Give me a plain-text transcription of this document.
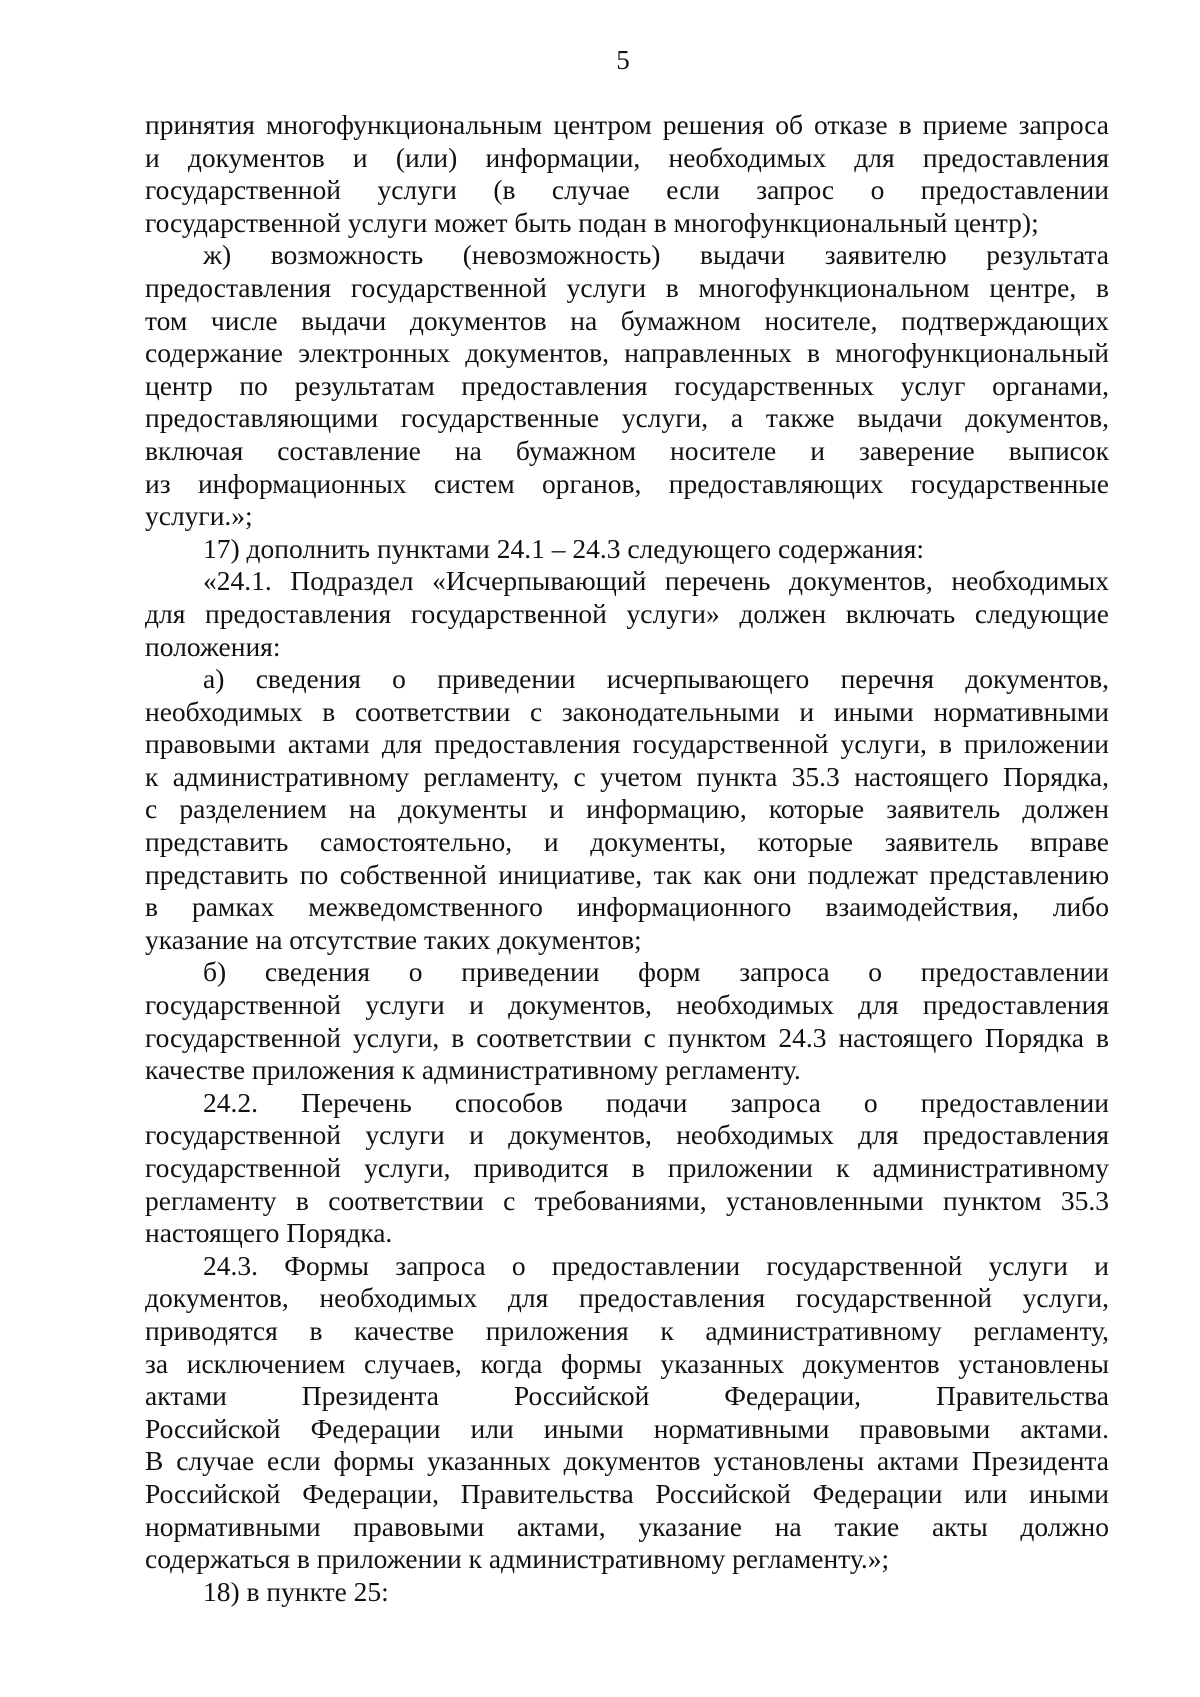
5
принятия многофункциональным центром решения об отказе в приеме запроса
и документов и (или) информации, необходимых для предоставления
государственной услуги (в случае если запрос о предоставлении
государственной услуги может быть подан в многофункциональный центр);
ж) возможность (невозможность) выдачи заявителю результата
предоставления государственной услуги в многофункциональном центре, в
том числе выдачи документов на бумажном носителе, подтверждающих
содержание электронных документов, направленных в многофункциональный
центр по результатам предоставления государственных услуг органами,
предоставляющими государственные услуги, а также выдачи документов,
включая составление на бумажном носителе и заверение выписок
из информационных систем органов, предоставляющих государственные
услуги.»;
17) дополнить пунктами 24.1 – 24.3 следующего содержания:
«24.1. Подраздел «Исчерпывающий перечень документов, необходимых
для предоставления государственной услуги» должен включать следующие
положения:
а) сведения о приведении исчерпывающего перечня документов,
необходимых в соответствии с законодательными и иными нормативными
правовыми актами для предоставления государственной услуги, в приложении
к административному регламенту, с учетом пункта 35.3 настоящего Порядка,
с разделением на документы и информацию, которые заявитель должен
представить самостоятельно, и документы, которые заявитель вправе
представить по собственной инициативе, так как они подлежат представлению
в рамках межведомственного информационного взаимодействия, либо
указание на отсутствие таких документов;
б) сведения о приведении форм запроса о предоставлении
государственной услуги и документов, необходимых для предоставления
государственной услуги, в соответствии с пунктом 24.3 настоящего Порядка в
качестве приложения к административному регламенту.
24.2. Перечень способов подачи запроса о предоставлении
государственной услуги и документов, необходимых для предоставления
государственной услуги, приводится в приложении к административному
регламенту в соответствии с требованиями, установленными пунктом 35.3
настоящего Порядка.
24.3. Формы запроса о предоставлении государственной услуги и
документов, необходимых для предоставления государственной услуги,
приводятся в качестве приложения к административному регламенту,
за исключением случаев, когда формы указанных документов установлены
актами Президента Российской Федерации, Правительства
Российской Федерации или иными нормативными правовыми актами.
В случае если формы указанных документов установлены актами Президента
Российской Федерации, Правительства Российской Федерации или иными
нормативными правовыми актами, указание на такие акты должно
содержаться в приложении к административному регламенту.»;
18) в пункте 25:
